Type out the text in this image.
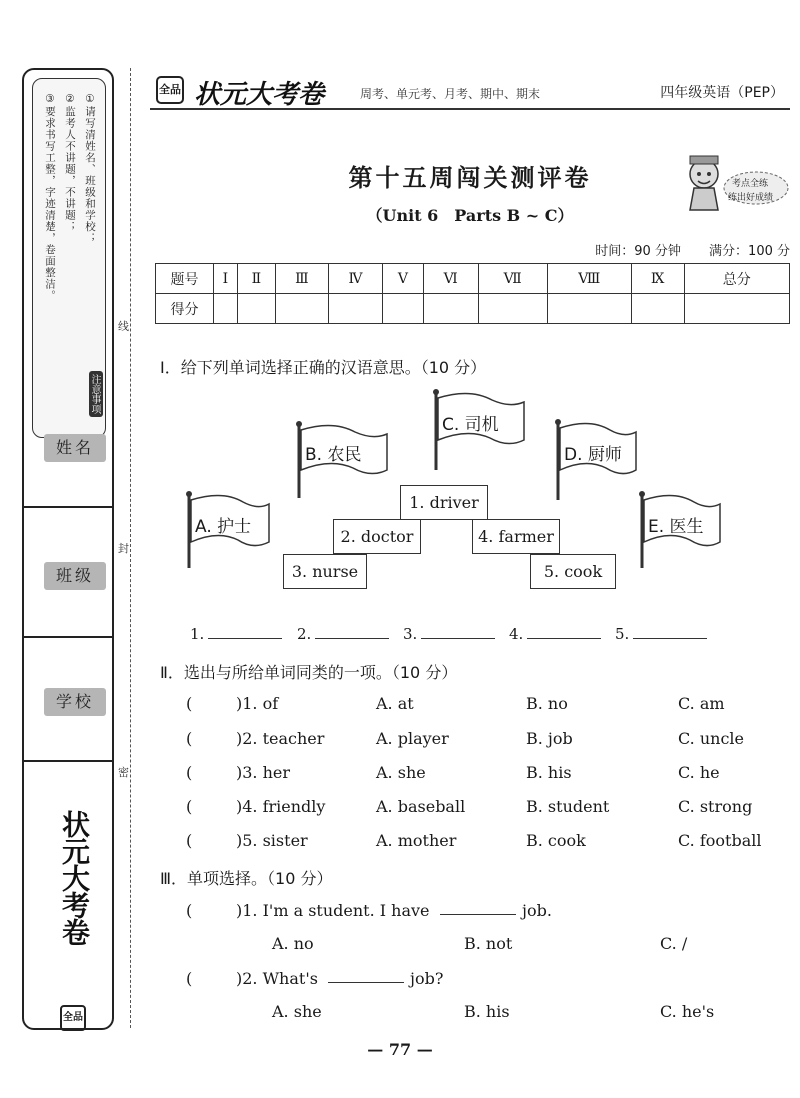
①请写清姓名、班级和学校；
②监考人不讲题，不讲题；
③要求书写工整，字迹清楚，卷面整洁。
注意事项
姓名
班级
学校
状元大考卷
全品
线
封
密
全品 状元大考卷	周考、单元考、月考、期中、期末	四年级英语（PEP）
第十五周闯关测评卷
（Unit 6　Parts B ~ C）
考点全练
练出好成绩
时间：90 分钟 满分：100 分
题号	Ⅰ	Ⅱ	Ⅲ	Ⅳ	Ⅴ	Ⅵ	Ⅶ	Ⅷ	Ⅸ	总分
得分										
Ⅰ．给下列单词选择正确的汉语意思。（10 分）
A. 护士
B. 农民
C. 司机
D. 厨师
E. 医生
1. driver
2. doctor
3. nurse
4. farmer
5. cook
1.	2.	3.	4.	5.
Ⅱ．选出与所给单词同类的一项。（10 分）
(	)1. of	A. at	B. no	C. am
(	)2. teacher	A. player	B. job	C. uncle
(	)3. her	A. she	B. his	C. he
(	)4. friendly	A. baseball	B. student	C. strong
(	)5. sister	A. mother	B. cook	C. football
Ⅲ．单项选择。（10 分）
(	)1. I'm a student. I have	job.
A. no	B. not	C. /
(	)2. What's	job?
A. she	B. his	C. he's
— 77 —
